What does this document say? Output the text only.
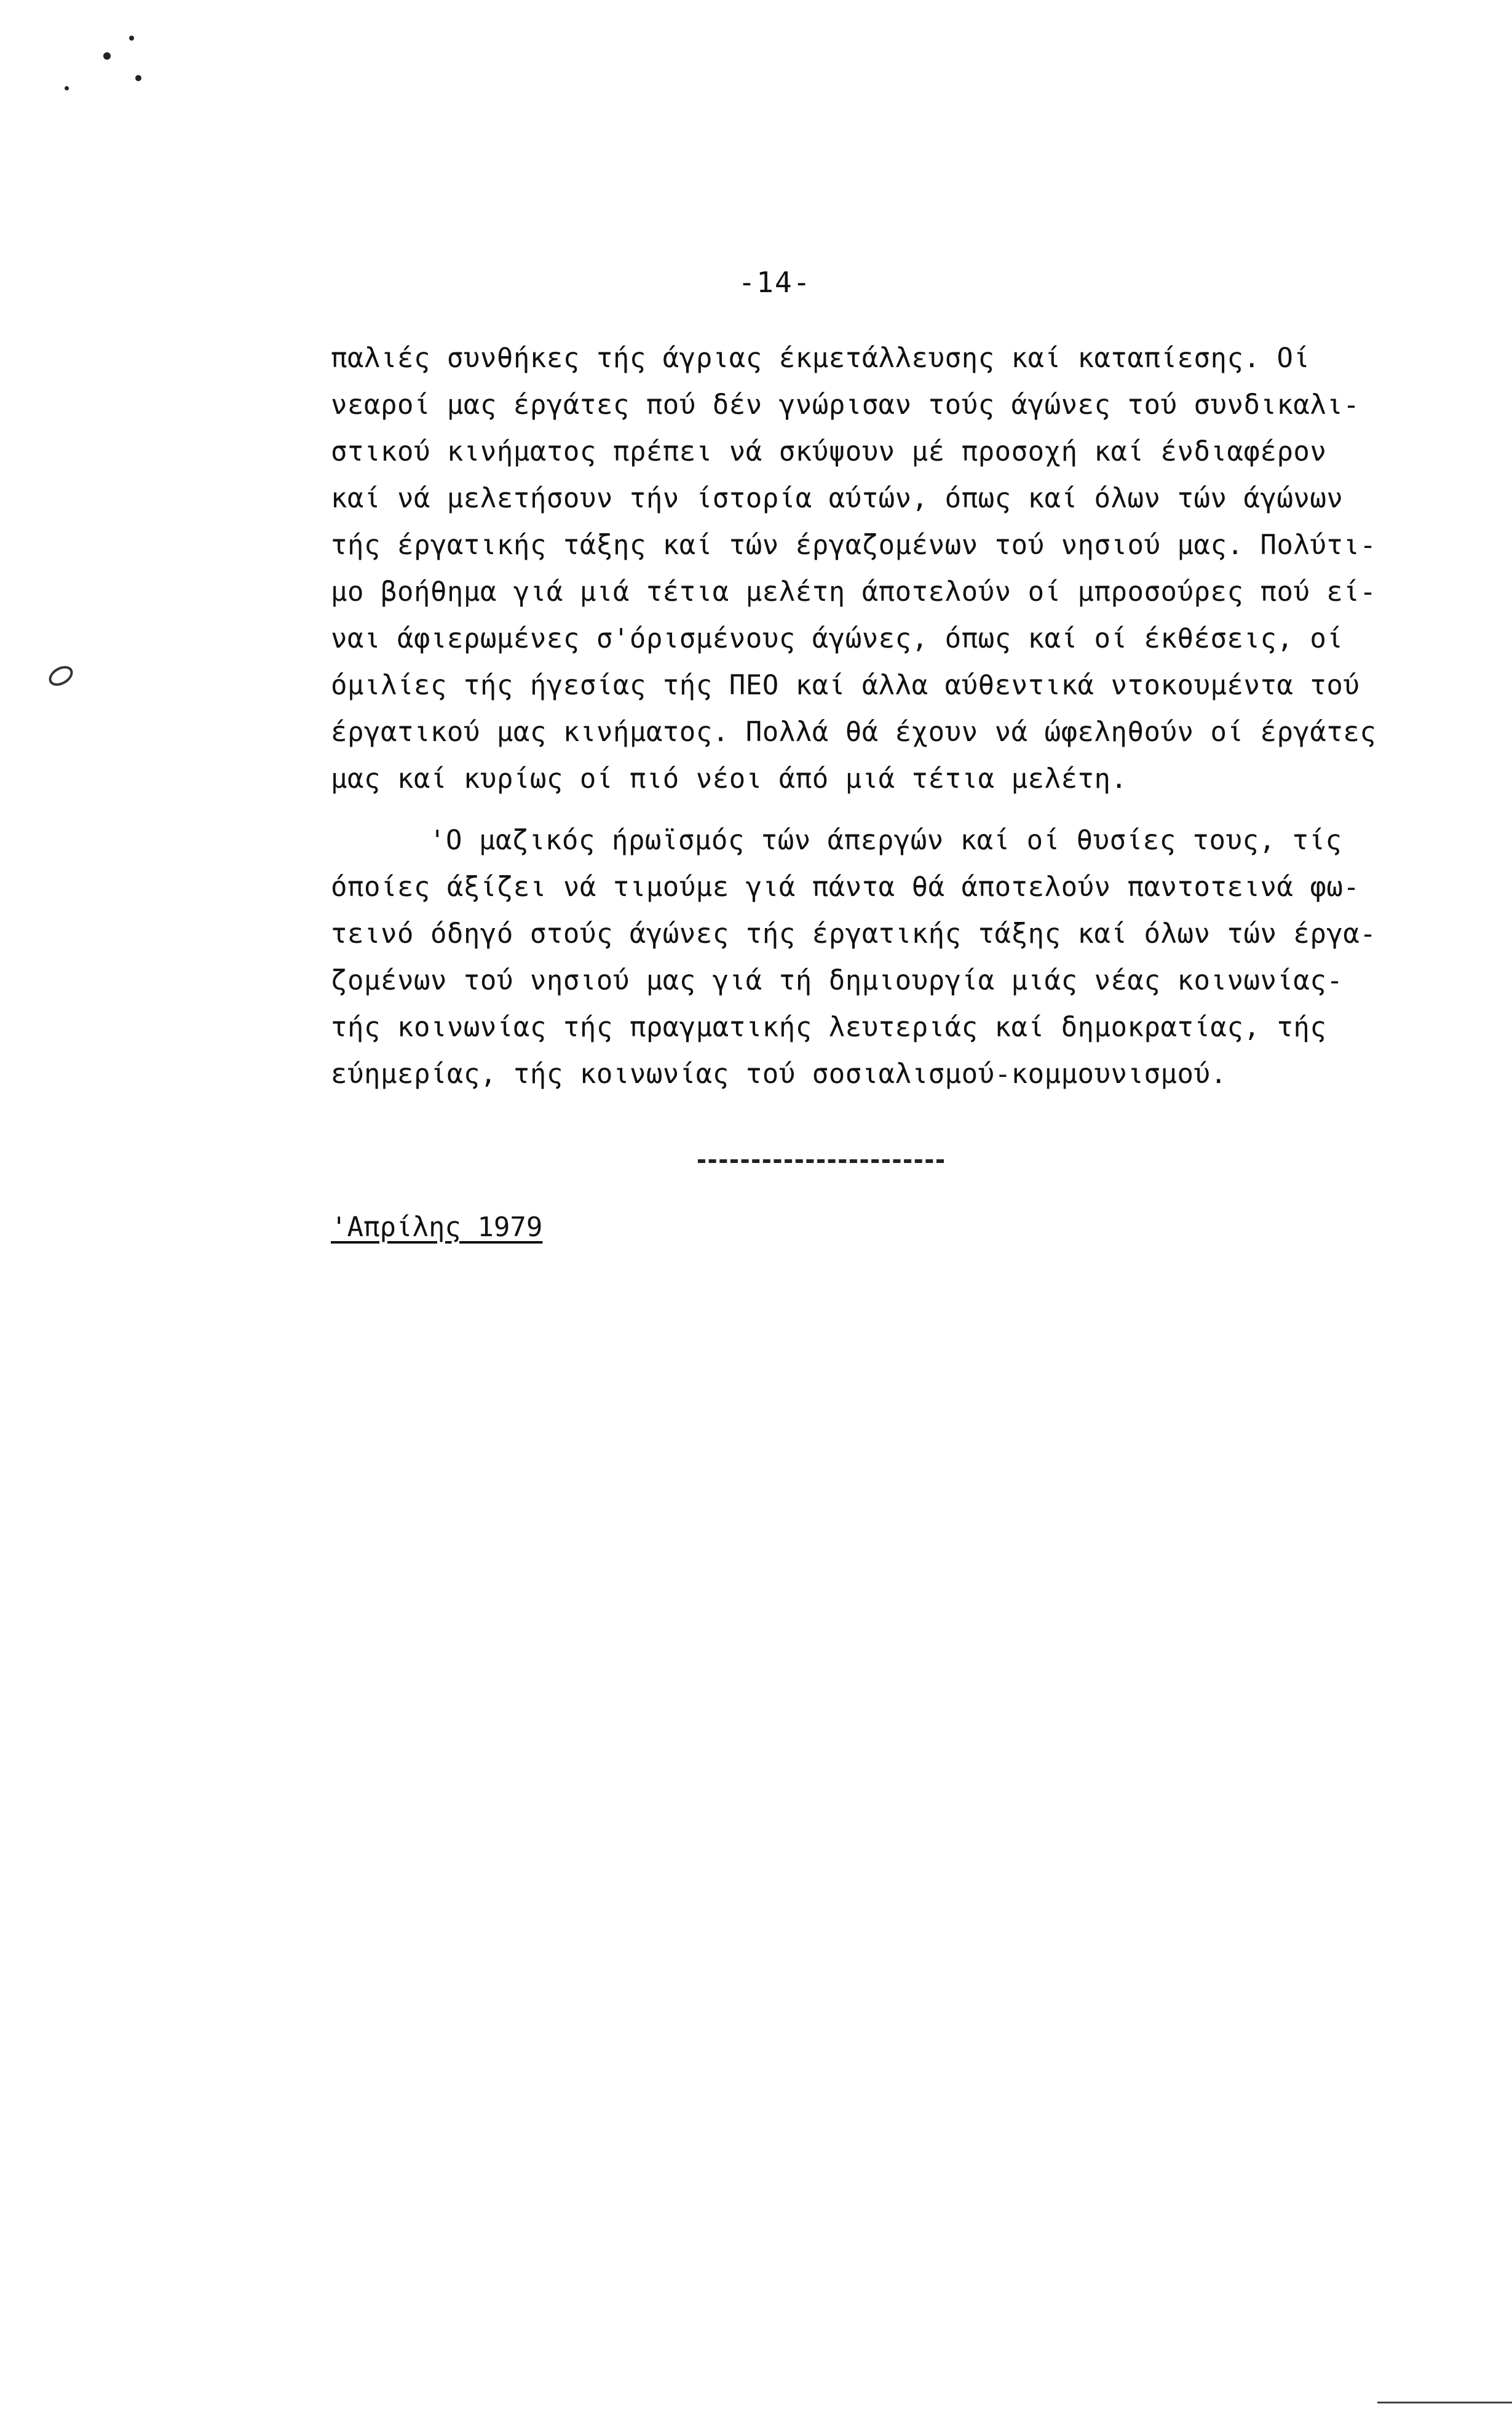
-14-
παλιές συνθήκες τής άγριας έκμετάλλευσης καί καταπίεσης. Οί
νεαροί μας έργάτες πού δέν γνώρισαν τούς άγώνες τού συνδικαλι-
στικού κινήματος πρέπει νά σκύψουν μέ προσοχή καί ένδιαφέρον
καί νά μελετήσουν τήν ίστορία αύτών, όπως καί όλων τών άγώνων
τής έργατικής τάξης καί τών έργαζομένων τού νησιού μας. Πολύτι-
μο βοήθημα γιά μιά τέτια μελέτη άποτελούν οί μπροσούρες πού εί-
ναι άφιερωμένες σ'όρισμένους άγώνες, όπως καί οί έκθέσεις, οί
όμιλίες τής ήγεσίας τής ΠΕΟ καί άλλα αύθεντικά ντοκουμέντα τού
έργατικού μας κινήματος. Πολλά θά έχουν νά ώφεληθούν οί έργάτες
μας καί κυρίως οί πιό νέοι άπό μιά τέτια μελέτη.
'Ο μαζικός ήρωϊσμός τών άπεργών καί οί θυσίες τους, τίς
όποίες άξίζει νά τιμούμε γιά πάντα θά άποτελούν παντοτεινά φω-
τεινό όδηγό στούς άγώνες τής έργατικής τάξης καί όλων τών έργα-
ζομένων τού νησιού μας γιά τή δημιουργία μιάς νέας κοινωνίας-
τής κοινωνίας τής πραγματικής λευτεριάς καί δημοκρατίας, τής
εύημερίας, τής κοινωνίας τού σοσιαλισμού-κομμουνισμού.
'Απρίλης 1979
